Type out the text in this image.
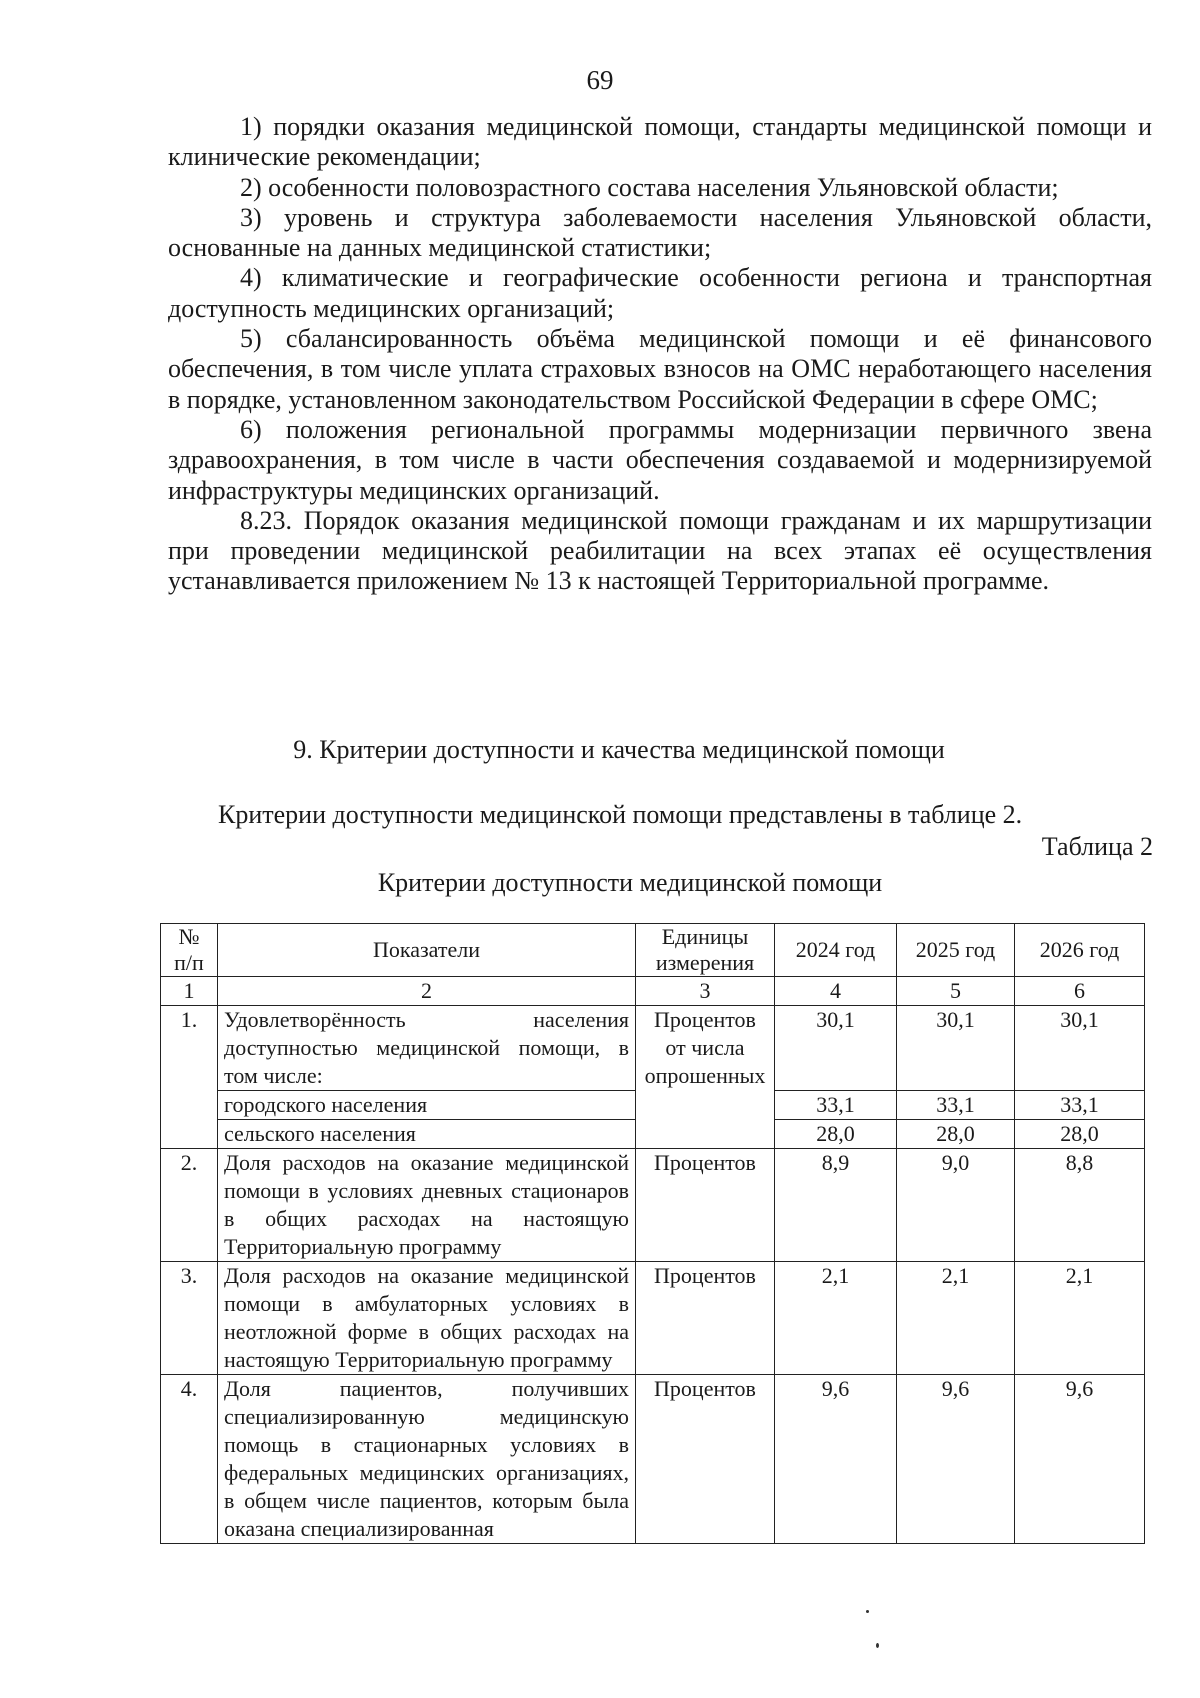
69

1) порядки оказания медицинской помощи, стандарты медицинской помощи и клинические рекомендации;

2) особенности половозрастного состава населения Ульяновской области;

3) уровень и структура заболеваемости населения Ульяновской области, основанные на данных медицинской статистики;

4) климатические и географические особенности региона и транспортная доступность медицинских организаций;

5) сбалансированность объёма медицинской помощи и её финансового обеспечения, в том числе уплата страховых взносов на ОМС неработающего населения в порядке, установленном законодательством Российской Федерации в сфере ОМС;

6) положения региональной программы модернизации первичного звена здравоохранения, в том числе в части обеспечения создаваемой и модернизируемой инфраструктуры медицинских организаций.

8.23. Порядок оказания медицинской помощи гражданам и их маршрутизации при проведении медицинской реабилитации на всех этапах её осуществления устанавливается приложением № 13 к настоящей Территориальной программе.

9. Критерии доступности и качества медицинской помощи
Критерии доступности медицинской помощи представлены в таблице 2.
Таблица 2
Критерии доступности медицинской помощи
№ п/п	Показатели	Единицы измерения	2024 год	2025 год	2026 год
1	2	3	4	5	6
1.	Удовлетворённость населения доступностью медицинской помощи, в том числе:	Процентов от числа опрошенных	30,1	30,1	30,1
	городского населения		33,1	33,1	33,1
	сельского населения		28,0	28,0	28,0
2.	Доля расходов на оказание медицинской помощи в условиях дневных стационаров в общих расходах на настоящую Территориальную программу	Процентов	8,9	9,0	8,8
3.	Доля расходов на оказание медицинской помощи в амбулаторных условиях в неотложной форме в общих расходах на настоящую Территориальную программу	Процентов	2,1	2,1	2,1
4.	Доля пациентов, получивших специализированную медицинскую помощь в стационарных условиях в федеральных медицинских организациях, в общем числе пациентов, которым была оказана специализированная	Процентов	9,6	9,6	9,6
